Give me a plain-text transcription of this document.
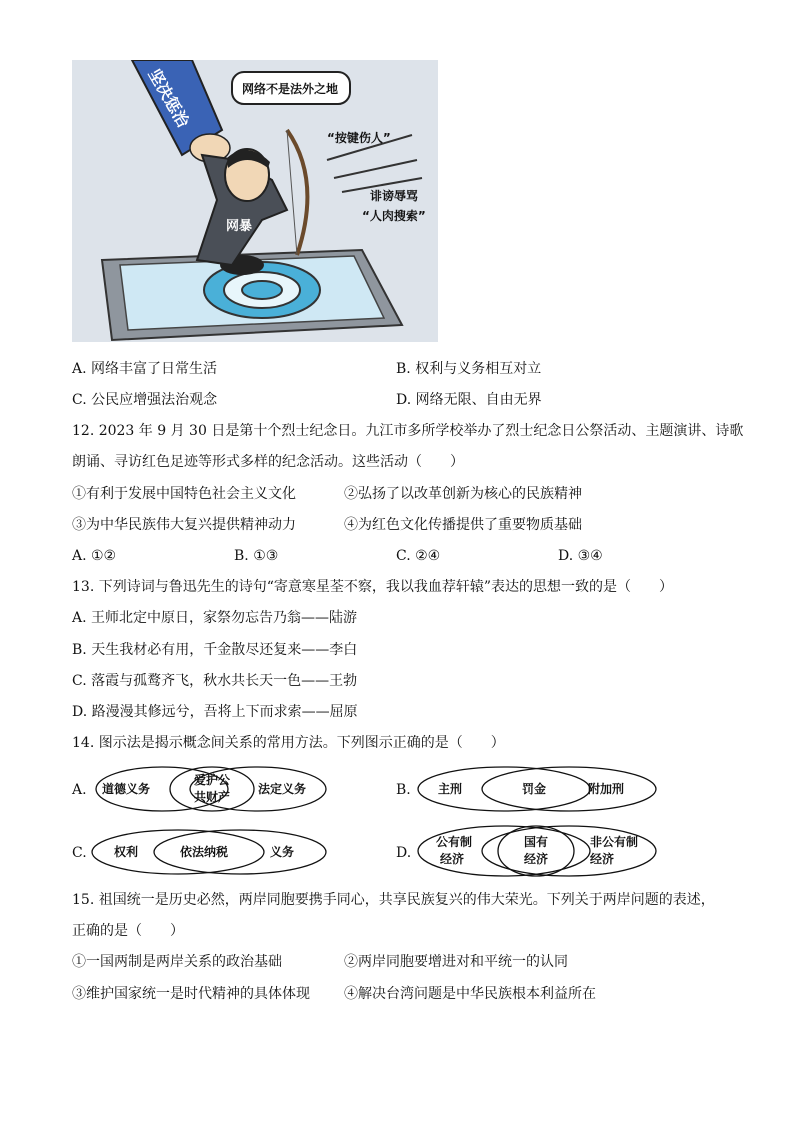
坚决惩治
网暴
网络不是法外之地
“按键伤人”
诽谤辱骂
“人肉搜索”
A. 网络丰富了日常生活	B. 权利与义务相互对立
C. 公民应增强法治观念	D. 网络无限、自由无界
12. 2023 年 9 月 30 日是第十个烈士纪念日。九江市多所学校举办了烈士纪念日公祭活动、主题演讲、诗歌
朗诵、寻访红色足迹等形式多样的纪念活动。这些活动（　　）
①有利于发展中国特色社会主义文化	②弘扬了以改革创新为核心的民族精神
③为中华民族伟大复兴提供精神动力	④为红色文化传播提供了重要物质基础
A. ①②	B. ①③	C. ②④	D. ③④
13. 下列诗词与鲁迅先生的诗句“寄意寒星荃不察，我以我血荐轩辕”表达的思想一致的是（　　）
A. 王师北定中原日，家祭勿忘告乃翁——陆游
B. 天生我材必有用，千金散尽还复来——李白
C. 落霞与孤鹜齐飞，秋水共长天一色——王勃
D. 路漫漫其修远兮，吾将上下而求索——屈原
14. 图示法是揭示概念间关系的常用方法。下列图示正确的是（　　）
A. 道德义务
爱护公
共财产
法定义务	B. 主刑	罚金	附加刑
C. 权利	依法纳税	义务	D.
公有制
经济
国有
经济
非公有制
经济
15. 祖国统一是历史必然，两岸同胞要携手同心，共享民族复兴的伟大荣光。下列关于两岸问题的表述，
正确的是（　　）
①一国两制是两岸关系的政治基础	②两岸同胞要增进对和平统一的认同
③维护国家统一是时代精神的具体体现 ④解决台湾问题是中华民族根本利益所在
